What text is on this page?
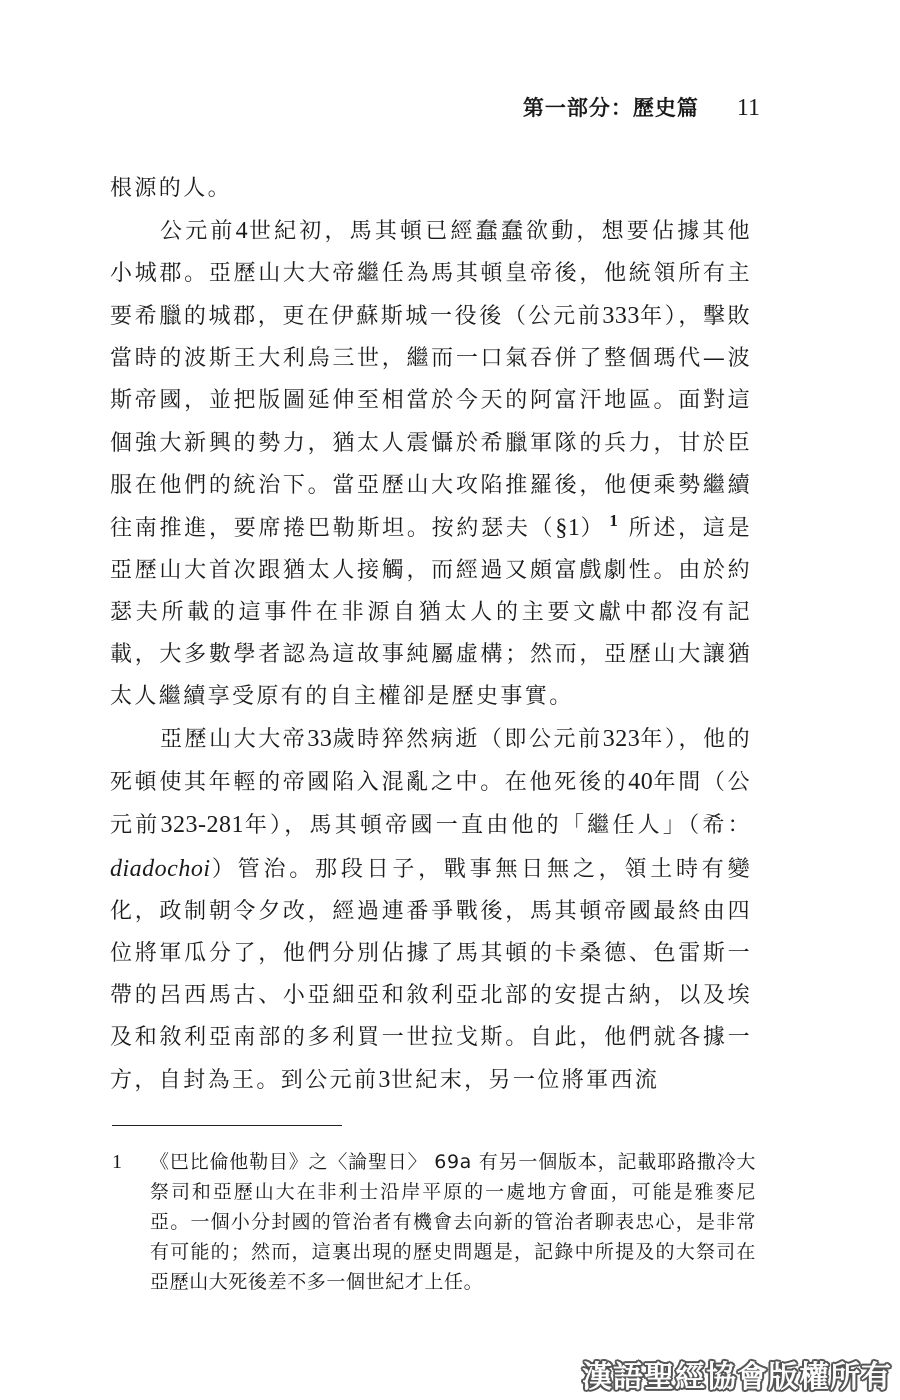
第一部分：歷史篇 11

根源的人。

公元前4世紀初，馬其頓已經蠢蠢欲動，想要佔據其他小城郡。亞歷山大大帝繼任為馬其頓皇帝後，他統領所有主要希臘的城郡，更在伊蘇斯城一役後（公元前333年），擊敗當時的波斯王大利烏三世，繼而一口氣吞併了整個瑪代—波斯帝國，並把版圖延伸至相當於今天的阿富汗地區。面對這個強大新興的勢力，猶太人震懾於希臘軍隊的兵力，甘於臣服在他們的統治下。當亞歷山大攻陷推羅後，他便乘勢繼續往南推進，要席捲巴勒斯坦。按約瑟夫（§1） $^1$ 所述，這是亞歷山大首次跟猶太人接觸，而經過又頗富戲劇性。由於約瑟夫所載的這事件在非源自猶太人的主要文獻中都沒有記載，大多數學者認為這故事純屬虛構；然而，亞歷山大讓猶太人繼續享受原有的自主權卻是歷史事實。

亞歷山大大帝33歲時猝然病逝（即公元前323年），他的死頓使其年輕的帝國陷入混亂之中。在他死後的40年間（公元前323-281年），馬其頓帝國一直由他的「繼任人」（希：diadochoi）管治。那段日子，戰事無日無之，領土時有變化，政制朝令夕改，經過連番爭戰後，馬其頓帝國最終由四位將軍瓜分了，他們分別佔據了馬其頓的卡桑德、色雷斯一帶的呂西馬古、小亞細亞和敘利亞北部的安提古納，以及埃及和敘利亞南部的多利買一世拉戈斯。自此，他們就各據一方，自封為王。到公元前3世紀末，另一位將軍西流

1	《巴比倫他勒目》之〈論聖日〉 69a 有另一個版本，記載耶路撒冷大祭司和亞歷山大在非利士沿岸平原的一處地方會面，可能是雅麥尼亞。一個小分封國的管治者有機會去向新的管治者聊表忠心，是非常有可能的；然而，這裏出現的歷史問題是，記錄中所提及的大祭司在亞歷山大死後差不多一個世紀才上任。
漢語聖經協會版權所有
